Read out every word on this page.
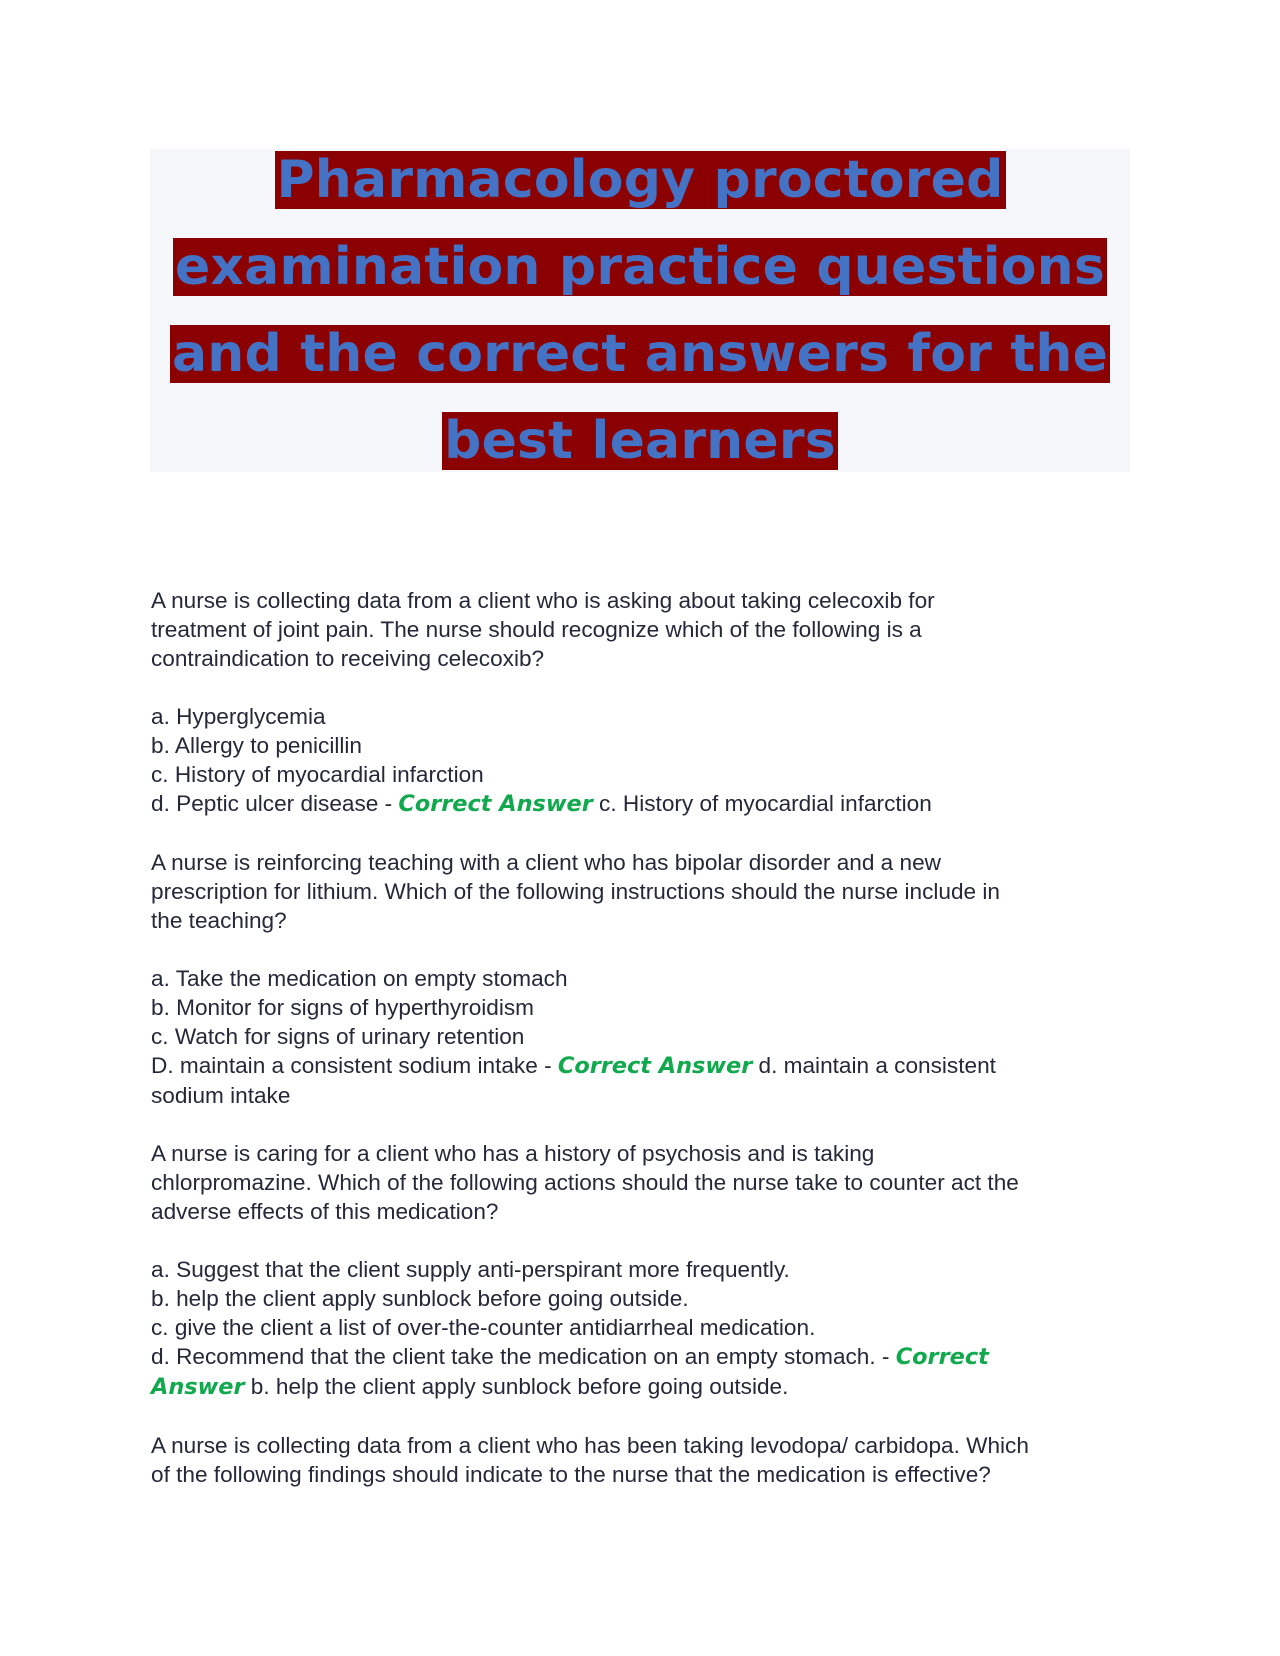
Pharmacology proctored
examination practice questions
and the correct answers for the
best learners

A nurse is collecting data from a client who is asking about taking celecoxib for
treatment of joint pain. The nurse should recognize which of the following is a
contraindication to receiving celecoxib?

a. Hyperglycemia
b. Allergy to penicillin
c. History of myocardial infarction
d. Peptic ulcer disease - Correct Answer c. History of myocardial infarction

A nurse is reinforcing teaching with a client who has bipolar disorder and a new
prescription for lithium. Which of the following instructions should the nurse include in
the teaching?

a. Take the medication on empty stomach
b. Monitor for signs of hyperthyroidism
c. Watch for signs of urinary retention
D. maintain a consistent sodium intake - Correct Answer d. maintain a consistent
sodium intake

A nurse is caring for a client who has a history of psychosis and is taking
chlorpromazine. Which of the following actions should the nurse take to counter act the
adverse effects of this medication?

a. Suggest that the client supply anti-perspirant more frequently.
b. help the client apply sunblock before going outside.
c. give the client a list of over-the-counter antidiarrheal medication.
d. Recommend that the client take the medication on an empty stomach. - Correct
Answer b. help the client apply sunblock before going outside.

A nurse is collecting data from a client who has been taking levodopa/ carbidopa. Which
of the following findings should indicate to the nurse that the medication is effective?
